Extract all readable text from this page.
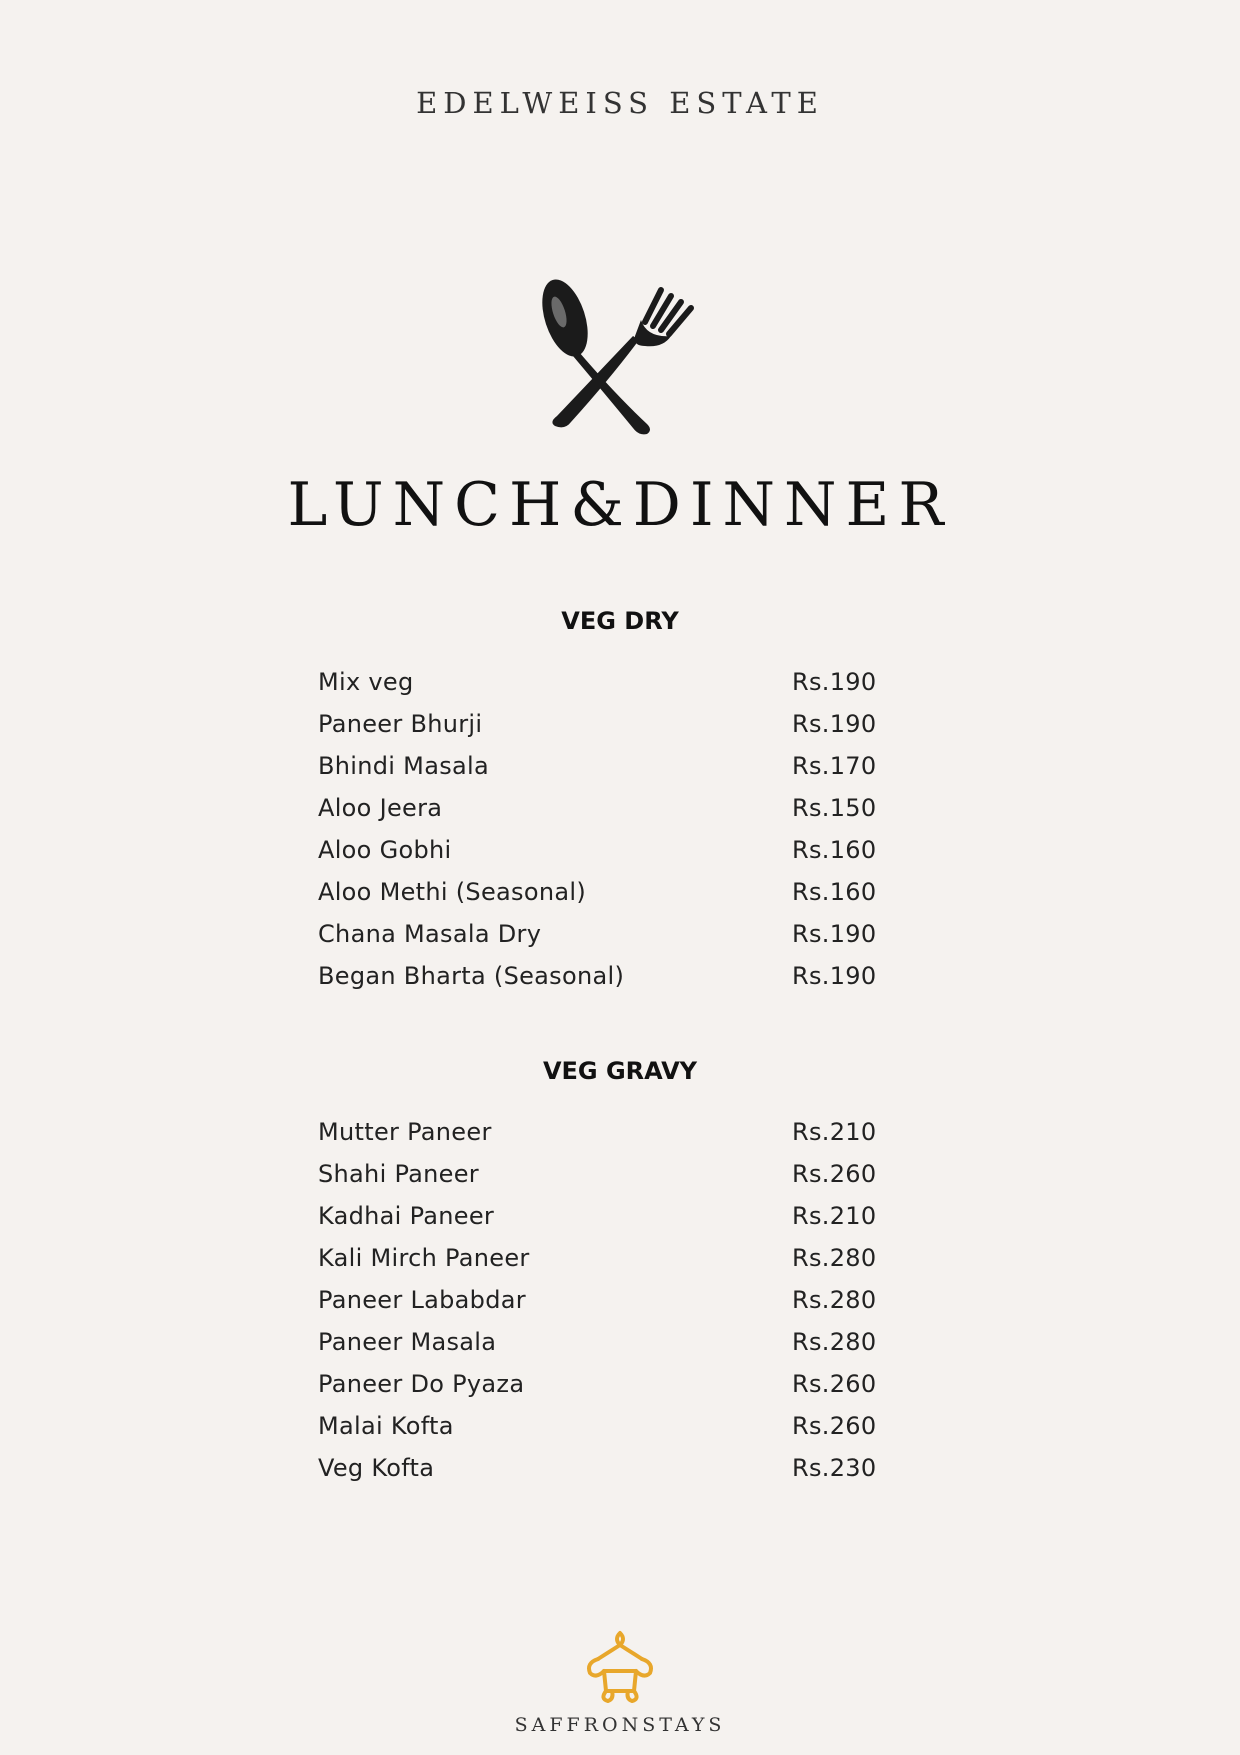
EDELWEISS ESTATE
LUNCH&DINNER
VEG DRY
Mix veg	Rs.190
Paneer Bhurji	Rs.190
Bhindi Masala	Rs.170
Aloo Jeera	Rs.150
Aloo Gobhi	Rs.160
Aloo Methi (Seasonal)	Rs.160
Chana Masala Dry	Rs.190
Began Bharta (Seasonal)	Rs.190
VEG GRAVY
Mutter Paneer	Rs.210
Shahi Paneer	Rs.260
Kadhai Paneer	Rs.210
Kali Mirch Paneer	Rs.280
Paneer Lababdar	Rs.280
Paneer Masala	Rs.280
Paneer Do Pyaza	Rs.260
Malai Kofta	Rs.260
Veg Kofta	Rs.230
SAFFRONSTAYS
